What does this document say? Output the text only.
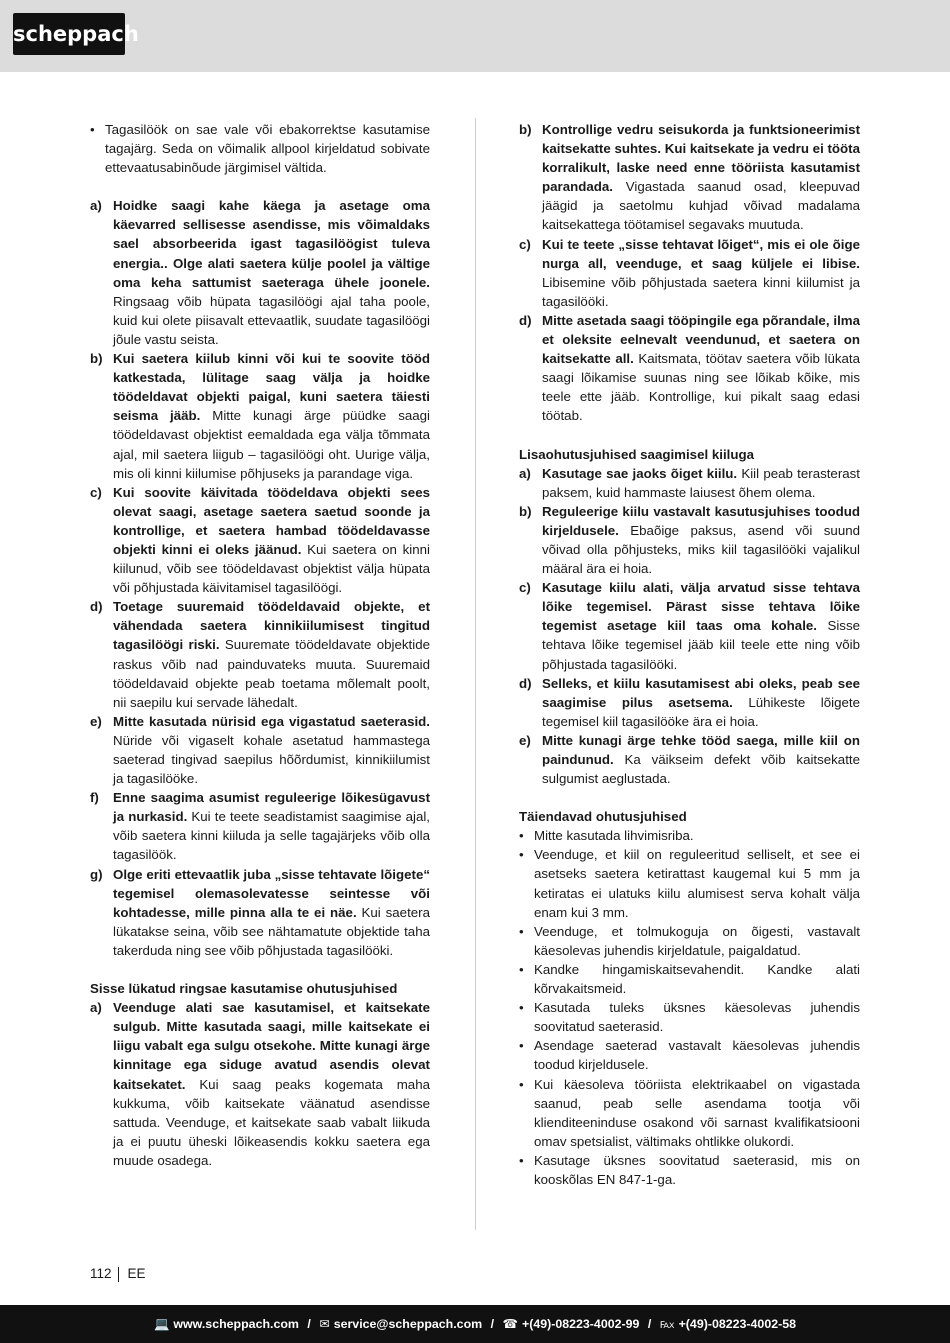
scheppach
• Tagasilöök on sae vale või ebakorrektse kasutamise tagajärg. Seda on võimalik allpool kirjeldatud sobivate ettevaatusabinõude järgimisel vältida.
a) Hoidke saagi kahe käega ja asetage oma käevarred sellisesse asendisse, mis võimaldaks sael absorbeerida igast tagasilöögist tuleva energia.. Olge alati saetera külje poolel ja vältige oma keha sattumist saeteraga ühele joonele. Ringsaag võib hüpata tagasilöögi ajal taha poole, kuid kui olete piisavalt ettevaatlik, suudate tagasilöögi jõule vastu seista.
b) Kui saetera kiilub kinni või kui te soovite tööd katkestada, lülitage saag välja ja hoidke töödeldavat objekti paigal, kuni saetera täiesti seisma jääb. Mitte kunagi ärge püüdke saagi töödeldavast objektist eemaldada ega välja tõmmata ajal, mil saetera liigub – tagasilöögi oht. Uurige välja, mis oli kinni kiilumise põhjuseks ja parandage viga.
c) Kui soovite käivitada töödeldava objekti sees olevat saagi, asetage saetera saetud soonde ja kontrollige, et saetera hambad töödeldavasse objekti kinni ei oleks jäänud. Kui saetera on kinni kiilunud, võib see töödeldavast objektist välja hüpata või põhjustada käivitamisel tagasilöögi.
d) Toetage suuremaid töödeldavaid objekte, et vähendada saetera kinnikiilumisest tingitud tagasilöögi riski. Suuremate töödeldavate objektide raskus võib nad painduvateks muuta. Suuremaid töödeldavaid objekte peab toetama mõlemalt poolt, nii saepilu kui servade lähedalt.
e) Mitte kasutada nürisid ega vigastatud saeterasid. Nüride või vigaselt kohale asetatud hammastega saeterad tingivad saepilus hõõrdumist, kinnikiilumist ja tagasilööke.
f)	Enne saagima asumist reguleerige lõikesügavust ja nurkasid. Kui te teete seadistamist saagimise ajal, võib saetera kinni kiiluda ja selle tagajärjeks võib olla tagasilöök.
g) Olge eriti ettevaatlik juba „sisse tehtavate lõigete“ tegemisel olemasolevatesse seintesse või kohtadesse, mille pinna alla te ei näe. Kui saetera lükatakse seina, võib see nähtamatute objektide taha takerduda ning see võib põhjustada tagasilööki.
Sisse lükatud ringsae kasutamise ohutusjuhised
a) Veenduge alati sae kasutamisel, et kaitsekate sulgub. Mitte kasutada saagi, mille kaitsekate ei liigu vabalt ega sulgu otsekohe. Mitte kunagi ärge kinnitage ega siduge avatud asendis olevat kaitsekatet. Kui saag peaks kogemata maha kukkuma, võib kaitsekate väänatud asendisse sattuda. Veenduge, et kaitsekate saab vabalt liikuda ja ei puutu üheski lõikeasendis kokku saetera ega muude osadega.
b) Kontrollige vedru seisukorda ja funktsioneerimist kaitsekatte suhtes. Kui kaitsekate ja vedru ei tööta korralikult, laske need enne tööriista kasutamist parandada. Vigastada saanud osad, kleepuvad jäägid ja saetolmu kuhjad võivad madalama kaitsekattega töötamisel segavaks muutuda.
c) Kui te teete „sisse tehtavat lõiget“, mis ei ole õige nurga all, veenduge, et saag küljele ei libise. Libisemine võib põhjustada saetera kinni kiilumist ja tagasilööki.
d) Mitte asetada saagi tööpingile ega põrandale, ilma et oleksite eelnevalt veendunud, et saetera on kaitsekatte all. Kaitsmata, töötav saetera võib lükata saagi lõikamise suunas ning see lõikab kõike, mis teele ette jääb. Kontrollige, kui pikalt saag edasi töötab.
Lisaohutusjuhised saagimisel kiiluga
a) Kasutage sae jaoks õiget kiilu. Kiil peab terasterast paksem, kuid hammaste laiusest õhem olema.
b) Reguleerige kiilu vastavalt kasutusjuhises toodud kirjeldusele. Ebaõige paksus, asend või suund võivad olla põhjusteks, miks kiil tagasilööki vajalikul määral ära ei hoia.
c) Kasutage kiilu alati, välja arvatud sisse tehtava lõike tegemisel. Pärast sisse tehtava lõike tegemist asetage kiil taas oma kohale. Sisse tehtava lõike tegemisel jääb kiil teele ette ning võib põhjustada tagasilööki.
d) Selleks, et kiilu kasutamisest abi oleks, peab see saagimise pilus asetsema. Lühikeste lõigete tegemisel kiil tagasilööke ära ei hoia.
e) Mitte kunagi ärge tehke tööd saega, mille kiil on paindunud. Ka väikseim defekt võib kaitsekatte sulgumist aeglustada.
Täiendavad ohutusjuhised
• Mitte kasutada lihvimisriba.
• Veenduge, et kiil on reguleeritud selliselt, et see ei asetseks saetera ketirattast kaugemal kui 5 mm ja ketiratas ei ulatuks kiilu alumisest serva kohalt välja enam kui 3 mm.
• Veenduge, et tolmukoguja on õigesti, vastavalt käesolevas juhendis kirjeldatule, paigaldatud.
• Kandke hingamiskaitsevahendit. Kandke alati kõrvakaitsmeid.
• Kasutada tuleks üksnes käesolevas juhendis soovitatud saeterasid.
• Asendage saeterad vastavalt käesolevas juhendis toodud kirjeldusele.
• Kui käesoleva tööriista elektrikaabel on vigastada saanud, peab selle asendama tootja või klienditeeninduse osakond või sarnast kvalifikatsiooni omav spetsialist, vältimaks ohtlikke olukordi.
• Kasutage üksnes soovitatud saeterasid, mis on kooskõlas EN 847-1-ga.
112 EE
💻 www.scheppach.com / ✉ service@scheppach.com / ☎ +(49)-08223-4002-99 / ℻ +(49)-08223-4002-58
